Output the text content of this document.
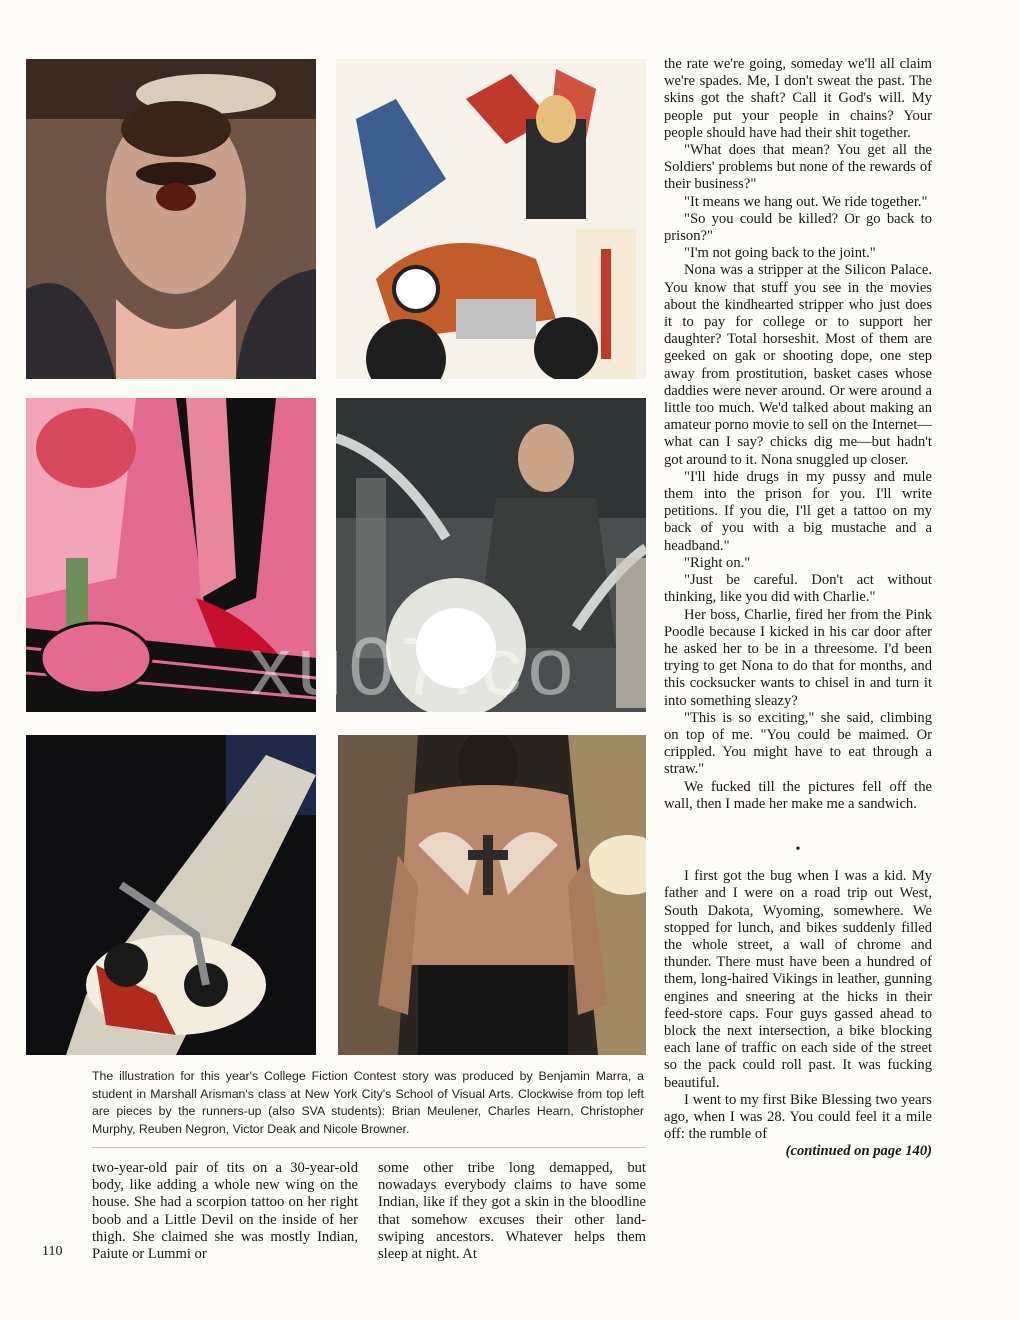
xu07.co

the rate we're going, someday we'll all claim we're spades. Me, I don't sweat the past. The skins got the shaft? Call it God's will. My people put your people in chains? Your people should have had their shit together.

"What does that mean? You get all the Soldiers' problems but none of the rewards of their business?"

"It means we hang out. We ride together."

"So you could be killed? Or go back to prison?"

"I'm not going back to the joint."

Nona was a stripper at the Silicon Palace. You know that stuff you see in the movies about the kindhearted stripper who just does it to pay for college or to support her daughter? Total horseshit. Most of them are geeked on gak or shooting dope, one step away from prostitution, basket cases whose daddies were never around. Or were around a little too much. We'd talked about making an amateur porno movie to sell on the Internet—what can I say? chicks dig me—but hadn't got around to it. Nona snuggled up closer.

"I'll hide drugs in my pussy and mule them into the prison for you. I'll write petitions. If you die, I'll get a tattoo on my back of you with a big mustache and a headband."

"Right on."

"Just be careful. Don't act without thinking, like you did with Charlie."

Her boss, Charlie, fired her from the Pink Poodle because I kicked in his car door after he asked her to be in a threesome. I'd been trying to get Nona to do that for months, and this cocksucker wants to chisel in and turn it into something sleazy?

"This is so exciting," she said, climbing on top of me. "You could be maimed. Or crippled. You might have to eat through a straw."

We fucked till the pictures fell off the wall, then I made her make me a sandwich.

•

I first got the bug when I was a kid. My father and I were on a road trip out West, South Dakota, Wyoming, somewhere. We stopped for lunch, and bikes suddenly filled the whole street, a wall of chrome and thunder. There must have been a hundred of them, long-haired Vikings in leather, gunning engines and sneering at the hicks in their feed-store caps. Four guys gassed ahead to block the next intersection, a bike blocking each lane of traffic on each side of the street so the pack could roll past. It was fucking beautiful.

I went to my first Bike Blessing two years ago, when I was 28. You could feel it a mile off: the rumble of

(continued on page 140)

The illustration for this year's College Fiction Contest story was produced by Benjamin Marra, a student in Marshall Arisman's class at New York City's School of Visual Arts. Clockwise from top left are pieces by the runners-up (also SVA students): Brian Meulener, Charles Hearn, Christopher Murphy, Reuben Negron, Victor Deak and Nicole Browner.

two-year-old pair of tits on a 30-year-old body, like adding a whole new wing on the house. She had a scorpion tattoo on her right boob and a Little Devil on the inside of her thigh. She claimed she was mostly Indian, Paiute or Lummi or

some other tribe long demapped, but nowadays everybody claims to have some Indian, like if they got a skin in the bloodline that somehow excuses their other land-swiping ancestors. Whatever helps them sleep at night. At

110
